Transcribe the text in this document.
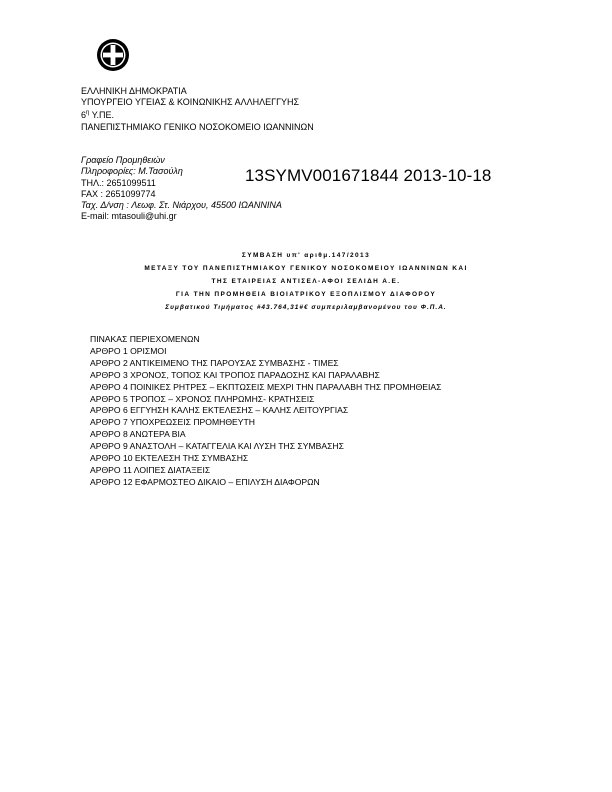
ΕΛΛΗΝΙΚΗ ΔΗΜΟΚΡΑΤΙΑ
ΥΠΟΥΡΓΕΙΟ ΥΓΕΙΑΣ & ΚΟΙΝΩΝΙΚΗΣ ΑΛΛΗΛΕΓΓΥΗΣ
$6^\eta$ Υ.ΠΕ.
ΠΑΝΕΠΙΣΤΗΜΙΑΚΟ ΓΕΝΙΚΟ ΝΟΣΟΚΟΜΕΙΟ ΙΩΑΝΝΙΝΩΝ
Γραφείο Προμηθειών
Πληροφορίες: Μ.Τασούλη
ΤΗΛ.: 2651099511
FAX : 2651099774
Ταχ. Δ/νση : Λεωφ. Στ. Νιάρχου, 45500 ΙΩΑΝΝΙΝΑ
E-mail: mtasouli@uhi.gr
13SYMV001671844 2013-10-18
ΣΥΜΒΑΣΗ υπ' αριθμ.147/2013
ΜΕΤΑΞΥ ΤΟΥ ΠΑΝΕΠΙΣΤΗΜΙΑΚΟΥ ΓΕΝΙΚΟΥ ΝΟΣΟΚΟΜΕΙΟΥ ΙΩΑΝΝΙΝΩΝ ΚΑΙ
ΤΗΣ ΕΤΑΙΡΕΙΑΣ ΑΝΤΙΣΕΛ-ΑΦΟΙ ΣΕΛΙΔΗ Α.Ε.
ΓΙΑ ΤΗΝ ΠΡΟΜΗΘΕΙΑ ΒΙΟΙΑΤΡΙΚΟΥ ΕΞΟΠΛΙΣΜΟΥ ΔΙΑΦΟΡΟΥ
Συμβατικού Τιμήματος #43.764,31#€ συμπεριλαμβανομένου του Φ.Π.Α.
ΠΙΝΑΚΑΣ ΠΕΡΙΕΧΟΜΕΝΩΝ
ΑΡΘΡΟ 1 ΟΡΙΣΜΟΙ
ΑΡΘΡΟ 2 ΑΝΤΙΚΕΙΜΕΝΟ ΤΗΣ ΠΑΡΟΥΣΑΣ ΣΥΜΒΑΣΗΣ - ΤΙΜΕΣ
ΑΡΘΡΟ 3 ΧΡΟΝΟΣ, ΤΟΠΟΣ ΚΑΙ ΤΡΟΠΟΣ ΠΑΡΑΔΟΣΗΣ ΚΑΙ ΠΑΡΑΛΑΒΗΣ
ΑΡΘΡΟ 4 ΠΟΙΝΙΚΕΣ ΡΗΤΡΕΣ – ΕΚΠΤΩΣΕΙΣ ΜΕΧΡΙ ΤΗΝ ΠΑΡΑΛΑΒΗ ΤΗΣ ΠΡΟΜΗΘΕΙΑΣ
ΑΡΘΡΟ 5 ΤΡΟΠΟΣ – ΧΡΟΝΟΣ ΠΛΗΡΩΜΗΣ- ΚΡΑΤΗΣΕΙΣ
ΑΡΘΡΟ 6 ΕΓΓΥΗΣΗ ΚΑΛΗΣ ΕΚΤΕΛΕΣΗΣ – ΚΑΛΗΣ ΛΕΙΤΟΥΡΓΙΑΣ
ΑΡΘΡΟ 7 ΥΠΟΧΡΕΩΣΕΙΣ ΠΡΟΜΗΘΕΥΤΗ
ΑΡΘΡΟ 8 ΑΝΩΤΕΡΑ ΒΙΑ
ΑΡΘΡΟ 9 ΑΝΑΣΤΟΛΗ – ΚΑΤΑΓΓΕΛΙΑ ΚΑΙ ΛΥΣΗ ΤΗΣ ΣΥΜΒΑΣΗΣ
ΑΡΘΡΟ 10 ΕΚΤΕΛΕΣΗ ΤΗΣ ΣΥΜΒΑΣΗΣ
ΑΡΘΡΟ 11 ΛΟΙΠΕΣ ΔΙΑΤΑΞΕΙΣ
ΑΡΘΡΟ 12 ΕΦΑΡΜΟΣΤΕΟ ΔΙΚΑΙΟ – ΕΠΙΛΥΣΗ ΔΙΑΦΟΡΩΝ
